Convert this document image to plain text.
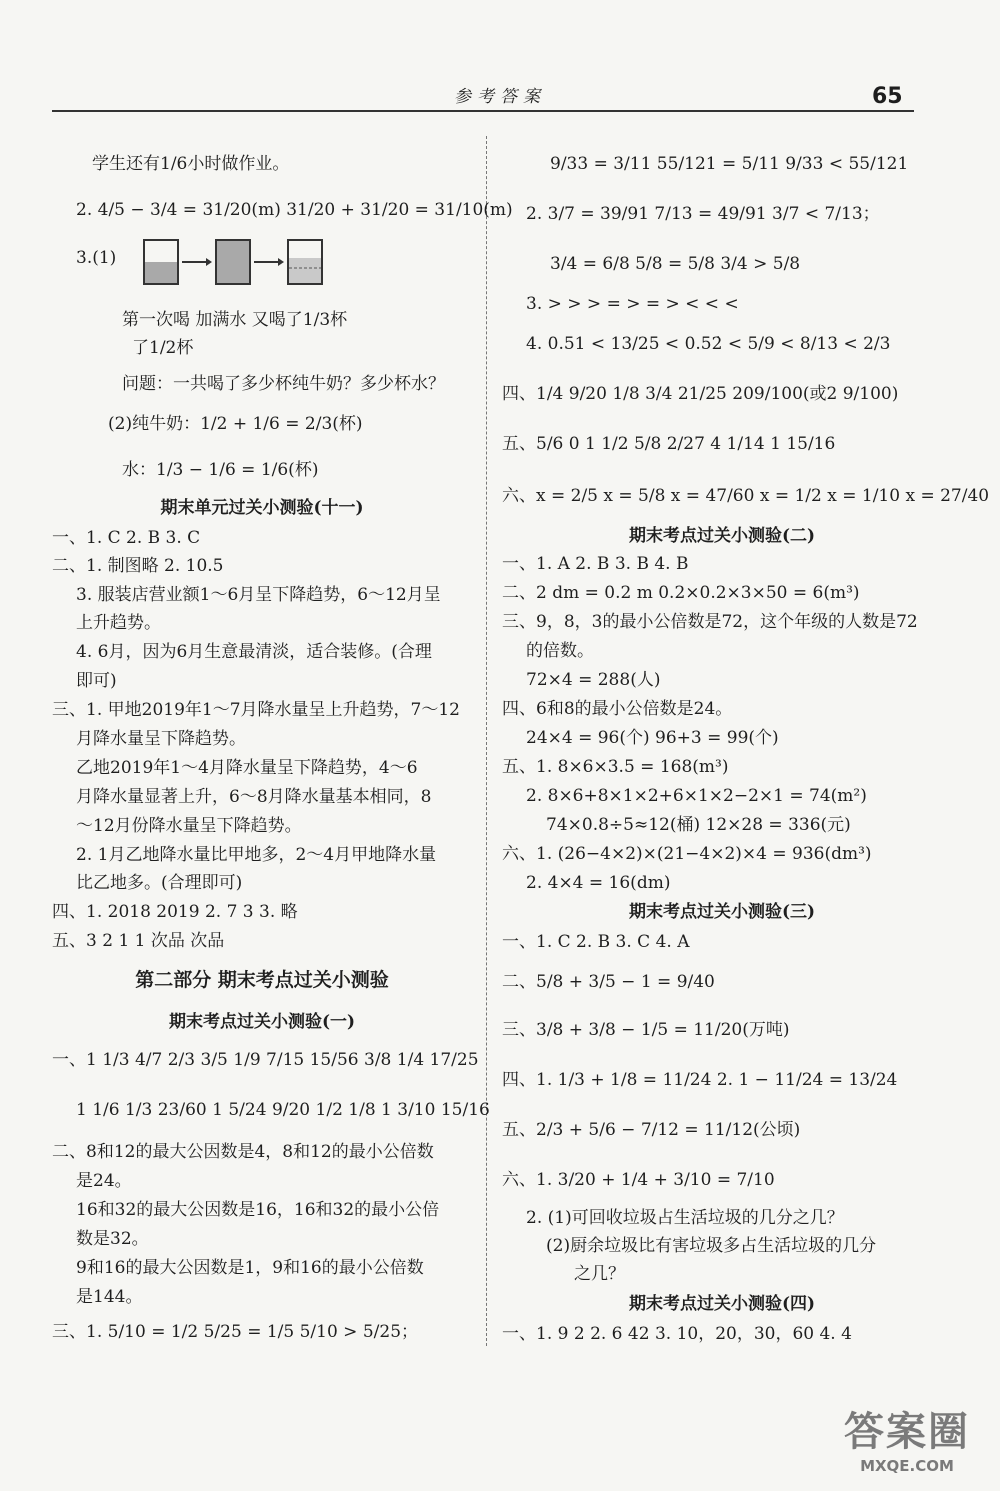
参考答案	65
学生还有1/6小时做作业。
2. 4/5 − 3/4 = 31/20(m) 31/20 + 31/20 = 31/10(m)
3.(1)
第一次喝 加满水 又喝了1/3杯
了1/2杯
问题：一共喝了多少杯纯牛奶？多少杯水？
(2)纯牛奶：1/2 + 1/6 = 2/3(杯)
水：1/3 − 1/6 = 1/6(杯)
期末单元过关小测验(十一)
一、1. C 2. B 3. C
二、1. 制图略 2. 10.5
3. 服装店营业额1～6月呈下降趋势，6～12月呈
上升趋势。
4. 6月，因为6月生意最清淡，适合装修。(合理
即可)
三、1. 甲地2019年1～7月降水量呈上升趋势，7～12
月降水量呈下降趋势。
乙地2019年1～4月降水量呈下降趋势，4～6
月降水量显著上升，6～8月降水量基本相同，8
～12月份降水量呈下降趋势。
2. 1月乙地降水量比甲地多，2～4月甲地降水量
比乙地多。(合理即可)
四、1. 2018 2019 2. 7 3 3. 略
五、3 2 1 1 次品 次品
第二部分 期末考点过关小测验
期末考点过关小测验(一)
一、1 1/3 4/7 2/3 3/5 1/9 7/15 15/56 3/8 1/4 17/25
1 1/6 1/3 23/60 1 5/24 9/20 1/2 1/8 1 3/10 15/16
二、8和12的最大公因数是4，8和12的最小公倍数
是24。
16和32的最大公因数是16，16和32的最小公倍
数是32。
9和16的最大公因数是1，9和16的最小公倍数
是144。
三、1. 5/10 = 1/2 5/25 = 1/5 5/10 > 5/25；
9/33 = 3/11 55/121 = 5/11 9/33 < 55/121
2. 3/7 = 39/91 7/13 = 49/91 3/7 < 7/13；
3/4 = 6/8 5/8 = 5/8 3/4 > 5/8
3. > > > = > = > < < <
4. 0.51 < 13/25 < 0.52̇ < 5/9 < 8/13 < 2/3
四、1/4 9/20 1/8 3/4 21/25 209/100(或2 9/100)
五、5/6 0 1 1/2 5/8 2/27 4 1/14 1 15/16
六、x = 2/5 x = 5/8 x = 47/60 x = 1/2 x = 1/10 x = 27/40
期末考点过关小测验(二)
一、1. A 2. B 3. B 4. B
二、2 dm = 0.2 m 0.2×0.2×3×50 = 6(m³)
三、9，8，3的最小公倍数是72，这个年级的人数是72
的倍数。
72×4 = 288(人)
四、6和8的最小公倍数是24。
24×4 = 96(个) 96+3 = 99(个)
五、1. 8×6×3.5 = 168(m³)
2. 8×6+8×1×2+6×1×2−2×1 = 74(m²)
74×0.8÷5≈12(桶) 12×28 = 336(元)
六、1. (26−4×2)×(21−4×2)×4 = 936(dm³)
2. 4×4 = 16(dm)
期末考点过关小测验(三)
一、1. C 2. B 3. C 4. A
二、5/8 + 3/5 − 1 = 9/40
三、3/8 + 3/8 − 1/5 = 11/20(万吨)
四、1. 1/3 + 1/8 = 11/24 2. 1 − 11/24 = 13/24
五、2/3 + 5/6 − 7/12 = 11/12(公顷)
六、1. 3/20 + 1/4 + 3/10 = 7/10
2. (1)可回收垃圾占生活垃圾的几分之几？
(2)厨余垃圾比有害垃圾多占生活垃圾的几分
之几？
期末考点过关小测验(四)
一、1. 9 2 2. 6 42 3. 10，20，30，60 4. 4
答案圈
MXQE.COM
